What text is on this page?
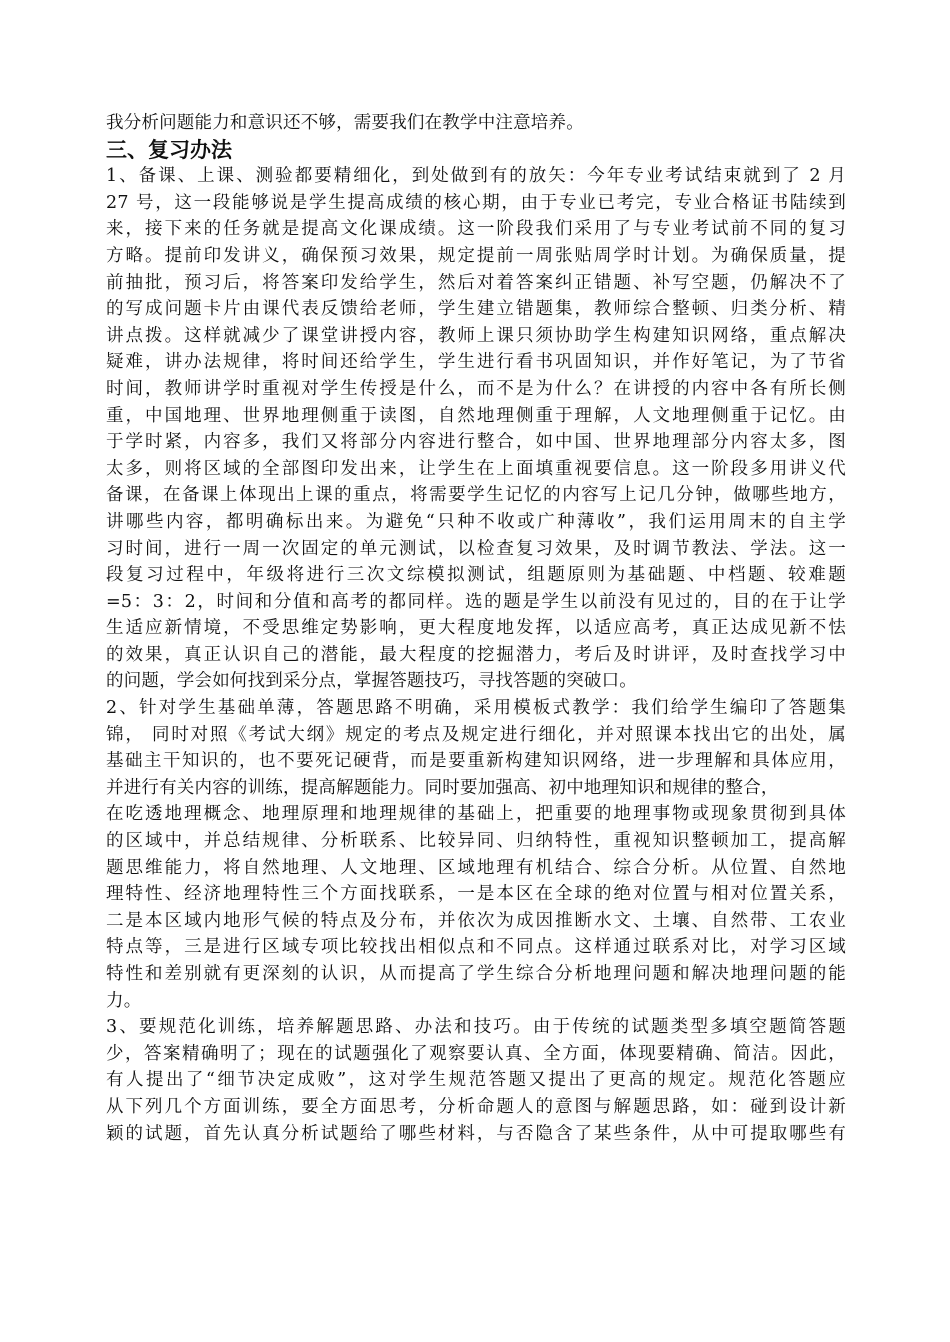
我分析问题能力和意识还不够，需要我们在教学中注意培养。
三、复习办法
1、备课、上课、测验都要精细化，到处做到有的放矢：今年专业考试结束就到了 2 月
27 号，这一段能够说是学生提高成绩的核心期，由于专业已考完，专业合格证书陆续到
来，接下来的任务就是提高文化课成绩。这一阶段我们采用了与专业考试前不同的复习
方略。提前印发讲义，确保预习效果，规定提前一周张贴周学时计划。为确保质量，提
前抽批，预习后，将答案印发给学生，然后对着答案纠正错题、补写空题，仍解决不了
的写成问题卡片由课代表反馈给老师，学生建立错题集，教师综合整顿、归类分析、精
讲点拨。这样就减少了课堂讲授内容，教师上课只须协助学生构建知识网络，重点解决
疑难，讲办法规律，将时间还给学生，学生进行看书巩固知识，并作好笔记，为了节省
时间，教师讲学时重视对学生传授是什么，而不是为什么？在讲授的内容中各有所长侧
重，中国地理、世界地理侧重于读图，自然地理侧重于理解，人文地理侧重于记忆。由
于学时紧，内容多，我们又将部分内容进行整合，如中国、世界地理部分内容太多，图
太多，则将区域的全部图印发出来，让学生在上面填重视要信息。这一阶段多用讲义代
备课，在备课上体现出上课的重点，将需要学生记忆的内容写上记几分钟，做哪些地方，
讲哪些内容，都明确标出来。为避免“只种不收或广种薄收”，我们运用周末的自主学
习时间，进行一周一次固定的单元测试，以检查复习效果，及时调节教法、学法。这一
段复习过程中，年级将进行三次文综模拟测试，组题原则为基础题、中档题、较难题
=5：3：2，时间和分值和高考的都同样。选的题是学生以前没有见过的，目的在于让学
生适应新情境，不受思维定势影响，更大程度地发挥，以适应高考，真正达成见新不怯
的效果，真正认识自己的潜能，最大程度的挖掘潜力，考后及时讲评，及时查找学习中
的问题，学会如何找到采分点，掌握答题技巧，寻找答题的突破口。
2、针对学生基础单薄，答题思路不明确，采用模板式教学：我们给学生编印了答题集
锦， 同时对照《考试大纲》规定的考点及规定进行细化，并对照课本找出它的出处，属
基础主干知识的，也不要死记硬背，而是要重新构建知识网络，进一步理解和具体应用，
并进行有关内容的训练，提高解题能力。同时要加强高、初中地理知识和规律的整合，
在吃透地理概念、地理原理和地理规律的基础上，把重要的地理事物或现象贯彻到具体
的区域中，并总结规律、分析联系、比较异同、归纳特性，重视知识整顿加工，提高解
题思维能力，将自然地理、人文地理、区域地理有机结合、综合分析。从位置、自然地
理特性、经济地理特性三个方面找联系，一是本区在全球的绝对位置与相对位置关系，
二是本区域内地形气候的特点及分布，并依次为成因推断水文、土壤、自然带、工农业
特点等，三是进行区域专项比较找出相似点和不同点。这样通过联系对比，对学习区域
特性和差别就有更深刻的认识，从而提高了学生综合分析地理问题和解决地理问题的能
力。
3、要规范化训练，培养解题思路、办法和技巧。由于传统的试题类型多填空题简答题
少，答案精确明了；现在的试题强化了观察要认真、全方面，体现要精确、简洁。因此，
有人提出了“细节决定成败”，这对学生规范答题又提出了更高的规定。规范化答题应
从下列几个方面训练，要全方面思考，分析命题人的意图与解题思路，如：碰到设计新
颖的试题，首先认真分析试题给了哪些材料，与否隐含了某些条件，从中可提取哪些有
